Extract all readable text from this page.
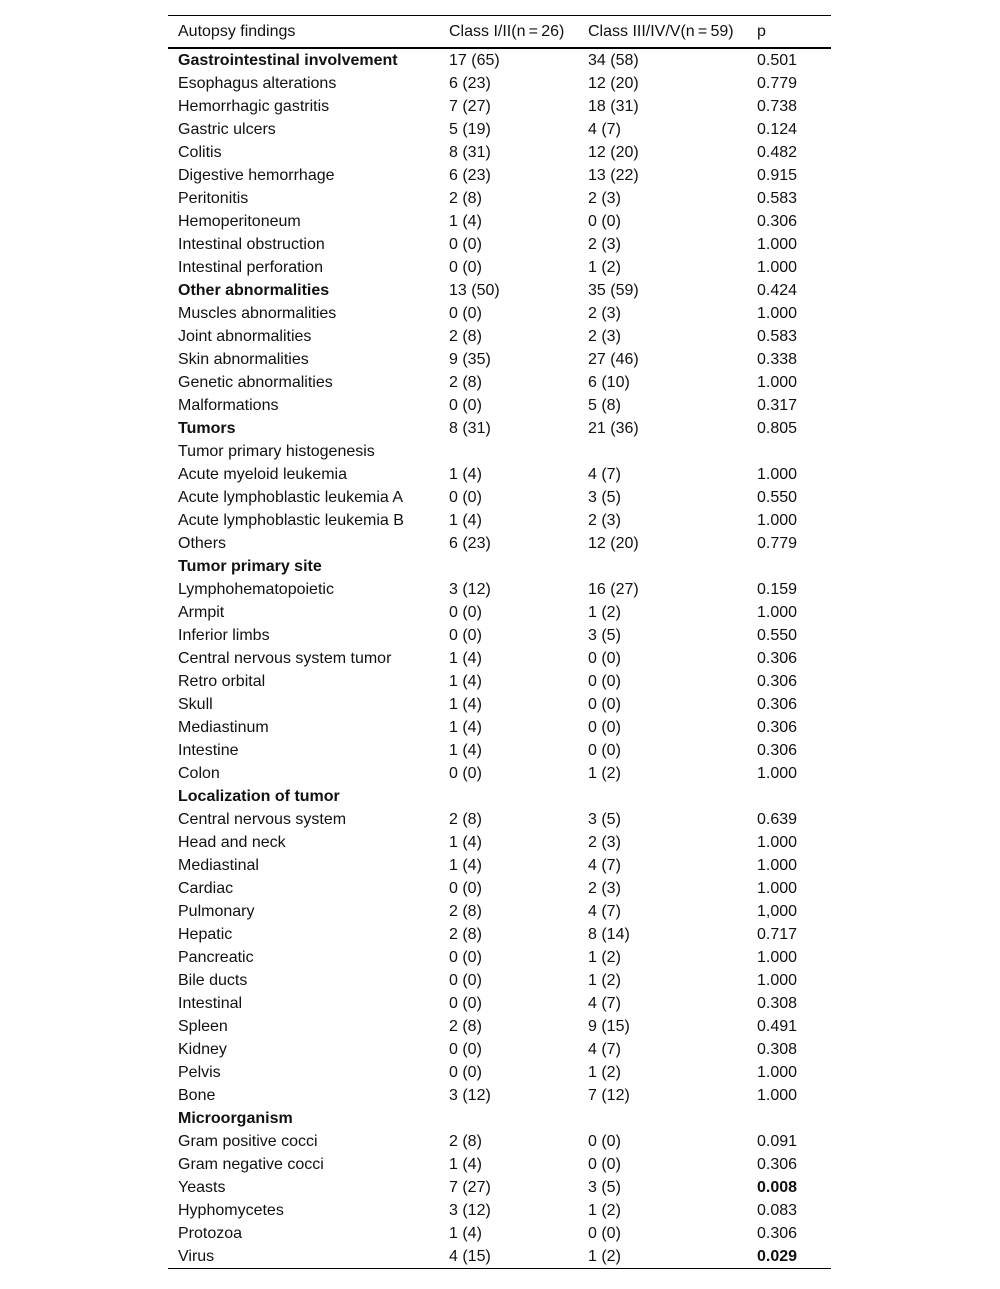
Autopsy findings	Class I/II(n = 26)	Class III/IV/V(n = 59)	p
Gastrointestinal involvement	17 (65)	34 (58)	0.501
Esophagus alterations	6 (23)	12 (20)	0.779
Hemorrhagic gastritis	7 (27)	18 (31)	0.738
Gastric ulcers	5 (19)	4 (7)	0.124
Colitis	8 (31)	12 (20)	0.482
Digestive hemorrhage	6 (23)	13 (22)	0.915
Peritonitis	2 (8)	2 (3)	0.583
Hemoperitoneum	1 (4)	0 (0)	0.306
Intestinal obstruction	0 (0)	2 (3)	1.000
Intestinal perforation	0 (0)	1 (2)	1.000
Other abnormalities	13 (50)	35 (59)	0.424
Muscles abnormalities	0 (0)	2 (3)	1.000
Joint abnormalities	2 (8)	2 (3)	0.583
Skin abnormalities	9 (35)	27 (46)	0.338
Genetic abnormalities	2 (8)	6 (10)	1.000
Malformations	0 (0)	5 (8)	0.317
Tumors	8 (31)	21 (36)	0.805
Tumor primary histogenesis			
Acute myeloid leukemia	1 (4)	4 (7)	1.000
Acute lymphoblastic leukemia A	0 (0)	3 (5)	0.550
Acute lymphoblastic leukemia B	1 (4)	2 (3)	1.000
Others	6 (23)	12 (20)	0.779
Tumor primary site			
Lymphohematopoietic	3 (12)	16 (27)	0.159
Armpit	0 (0)	1 (2)	1.000
Inferior limbs	0 (0)	3 (5)	0.550
Central nervous system tumor	1 (4)	0 (0)	0.306
Retro orbital	1 (4)	0 (0)	0.306
Skull	1 (4)	0 (0)	0.306
Mediastinum	1 (4)	0 (0)	0.306
Intestine	1 (4)	0 (0)	0.306
Colon	0 (0)	1 (2)	1.000
Localization of tumor			
Central nervous system	2 (8)	3 (5)	0.639
Head and neck	1 (4)	2 (3)	1.000
Mediastinal	1 (4)	4 (7)	1.000
Cardiac	0 (0)	2 (3)	1.000
Pulmonary	2 (8)	4 (7)	1,000
Hepatic	2 (8)	8 (14)	0.717
Pancreatic	0 (0)	1 (2)	1.000
Bile ducts	0 (0)	1 (2)	1.000
Intestinal	0 (0)	4 (7)	0.308
Spleen	2 (8)	9 (15)	0.491
Kidney	0 (0)	4 (7)	0.308
Pelvis	0 (0)	1 (2)	1.000
Bone	3 (12)	7 (12)	1.000
Microorganism			
Gram positive cocci	2 (8)	0 (0)	0.091
Gram negative cocci	1 (4)	0 (0)	0.306
Yeasts	7 (27)	3 (5)	0.008
Hyphomycetes	3 (12)	1 (2)	0.083
Protozoa	1 (4)	0 (0)	0.306
Virus	4 (15)	1 (2)	0.029
